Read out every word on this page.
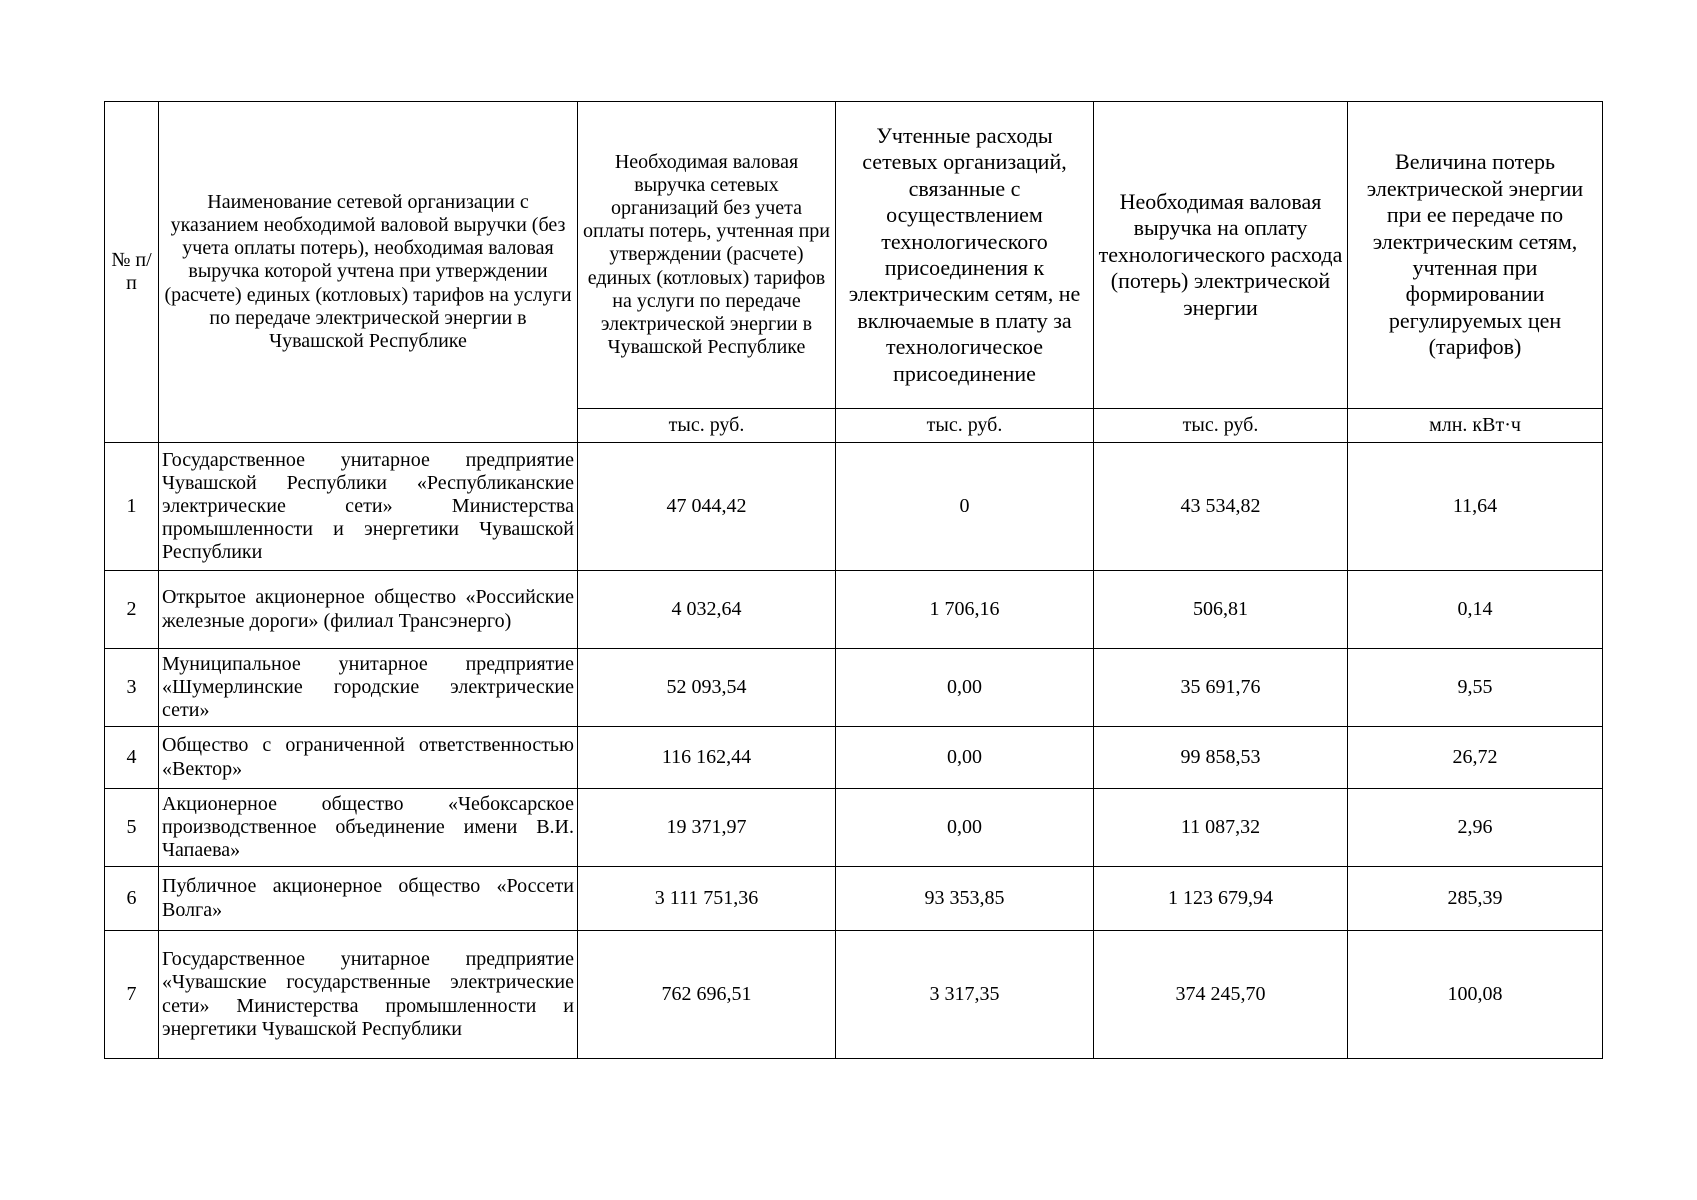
№ п/п	Наименование сетевой организации с указанием необходимой валовой выручки (без учета оплаты потерь), необходимая валовая выручка которой учтена при утверждении (расчете) единых (котловых) тарифов на услуги по передаче электрической энергии в Чувашской Республике	Необходимая валовая выручка сетевых организаций без учета оплаты потерь, учтенная при утверждении (расчете) единых (котловых) тарифов на услуги по передаче электрической энергии в Чувашской Республике	Учтенные расходы сетевых организаций, связанные с осуществлением технологического присоединения к электрическим сетям, не включаемые в плату за технологическое присоединение	Необходимая валовая выручка на оплату технологического расхода (потерь) электрической энергии	Величина потерь электрической энергии при ее передаче по электрическим сетям, учтенная при формировании регулируемых цен (тарифов)
		тыс. руб.	тыс. руб.	тыс. руб.	млн. кВт·ч
1	Государственное унитарное предприятие Чувашской Республики «Республиканские электрические сети» Министерства промышленности и энергетики Чувашской Республики	47 044,42	0	43 534,82	11,64
2	Открытое акционерное общество «Российские железные дороги» (филиал Трансэнерго)	4 032,64	1 706,16	506,81	0,14
3	Муниципальное унитарное предприятие «Шумерлинские городские электрические сети»	52 093,54	0,00	35 691,76	9,55
4	Общество с ограниченной ответственностью «Вектор»	116 162,44	0,00	99 858,53	26,72
5	Акционерное общество «Чебоксарское производственное объединение имени В.И. Чапаева»	19 371,97	0,00	11 087,32	2,96
6	Публичное акционерное общество «Россети Волга»	3 111 751,36	93 353,85	1 123 679,94	285,39
7	Государственное унитарное предприятие «Чувашские государственные электрические сети» Министерства промышленности и энергетики Чувашской Республики	762 696,51	3 317,35	374 245,70	100,08
